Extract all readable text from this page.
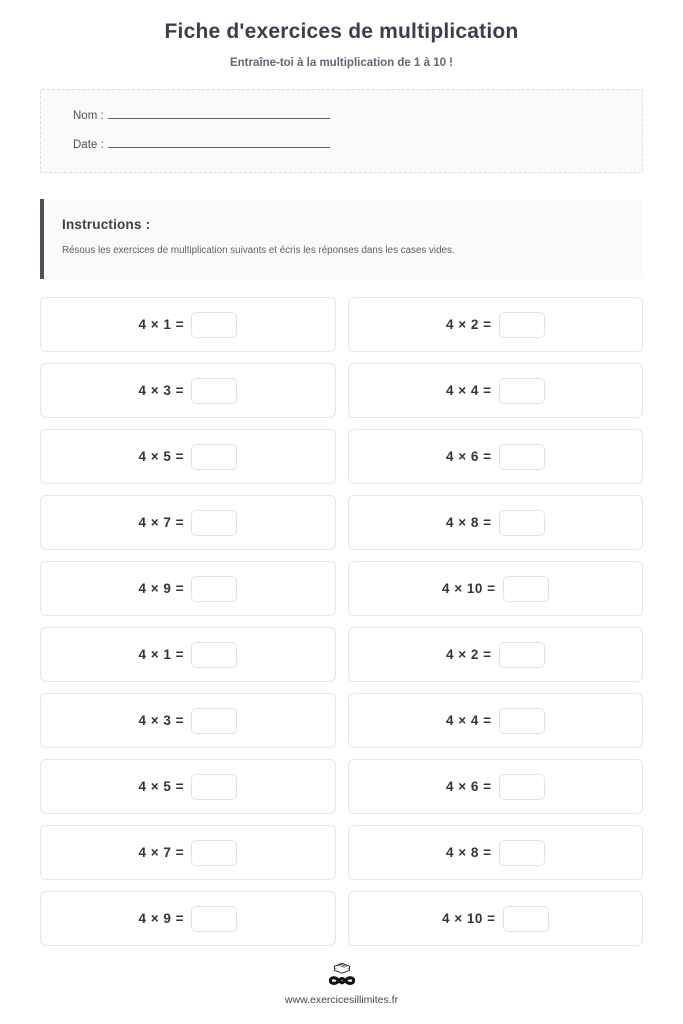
Fiche d'exercices de multiplication
Entraîne-toi à la multiplication de 1 à 10 !
Nom :
Date :
Instructions :
Résous les exercices de multiplication suivants et écris les réponses dans les cases vides.
4 × 1 =	4 × 2 =
4 × 3 =	4 × 4 =
4 × 5 =	4 × 6 =
4 × 7 =	4 × 8 =
4 × 9 =	4 × 10 =
4 × 1 =	4 × 2 =
4 × 3 =	4 × 4 =
4 × 5 =	4 × 6 =
4 × 7 =	4 × 8 =
4 × 9 =	4 × 10 =
www.exercicesillimites.fr
